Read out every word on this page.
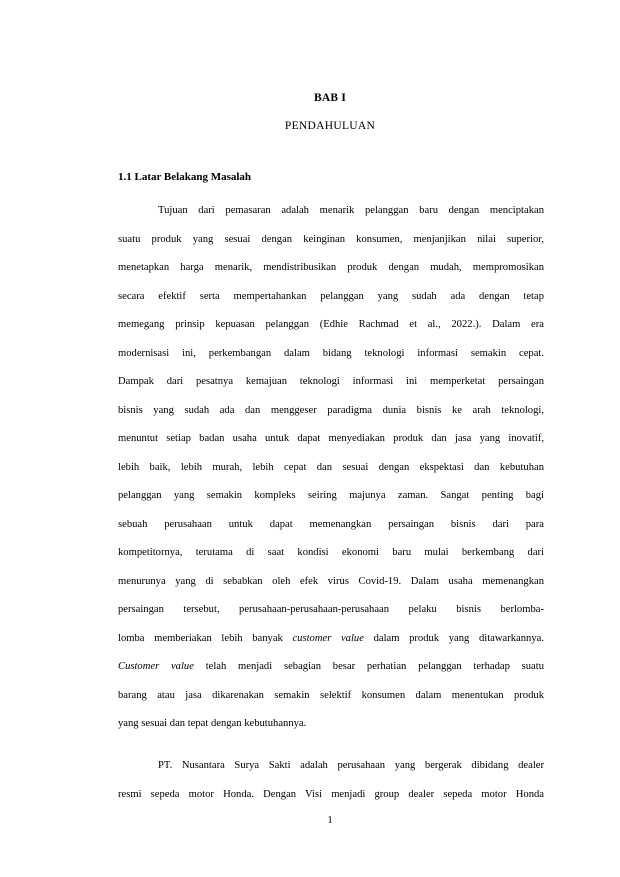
BAB I
PENDAHULUAN
1.1 Latar Belakang Masalah
Tujuan dari pemasaran adalah menarik pelanggan baru dengan menciptakan
suatu produk yang sesuai dengan keinginan konsumen, menjanjikan nilai superior,
menetapkan harga menarik, mendistribusikan produk dengan mudah, mempromosikan
secara efektif serta mempertahankan pelanggan yang sudah ada dengan tetap
memegang prinsip kepuasan pelanggan (Edhie Rachmad et al., 2022.). Dalam era
modernisasi ini, perkembangan dalam bidang teknologi informasi semakin cepat.
Dampak dari pesatnya kemajuan teknologi informasi ini memperketat persaingan
bisnis yang sudah ada dan menggeser paradigma dunia bisnis ke arah teknologi,
menuntut setiap badan usaha untuk dapat menyediakan produk dan jasa yang inovatif,
lebih baik, lebih murah, lebih cepat dan sesuai dengan ekspektasi dan kebutuhan
pelanggan yang semakin kompleks seiring majunya zaman. Sangat penting bagi
sebuah perusahaan untuk dapat memenangkan persaingan bisnis dari para
kompetitornya, terutama di saat kondisi ekonomi baru mulai berkembang dari
menurunya yang di sebabkan oleh efek virus Covid-19. Dalam usaha memenangkan
persaingan tersebut, perusahaan-perusahaan-perusahaan pelaku bisnis berlomba-
lomba memberiakan lebih banyak customer value dalam produk yang ditawarkannya.
Customer value telah menjadi sebagian besar perhatian pelanggan terhadap suatu
barang atau jasa dikarenakan semakin selektif konsumen dalam menentukan produk
yang sesuai dan tepat dengan kebutuhannya.
PT. Nusantara Surya Sakti adalah perusahaan yang bergerak dibidang dealer
resmi sepeda motor Honda. Dengan Visi menjadi group dealer sepeda motor Honda
1
